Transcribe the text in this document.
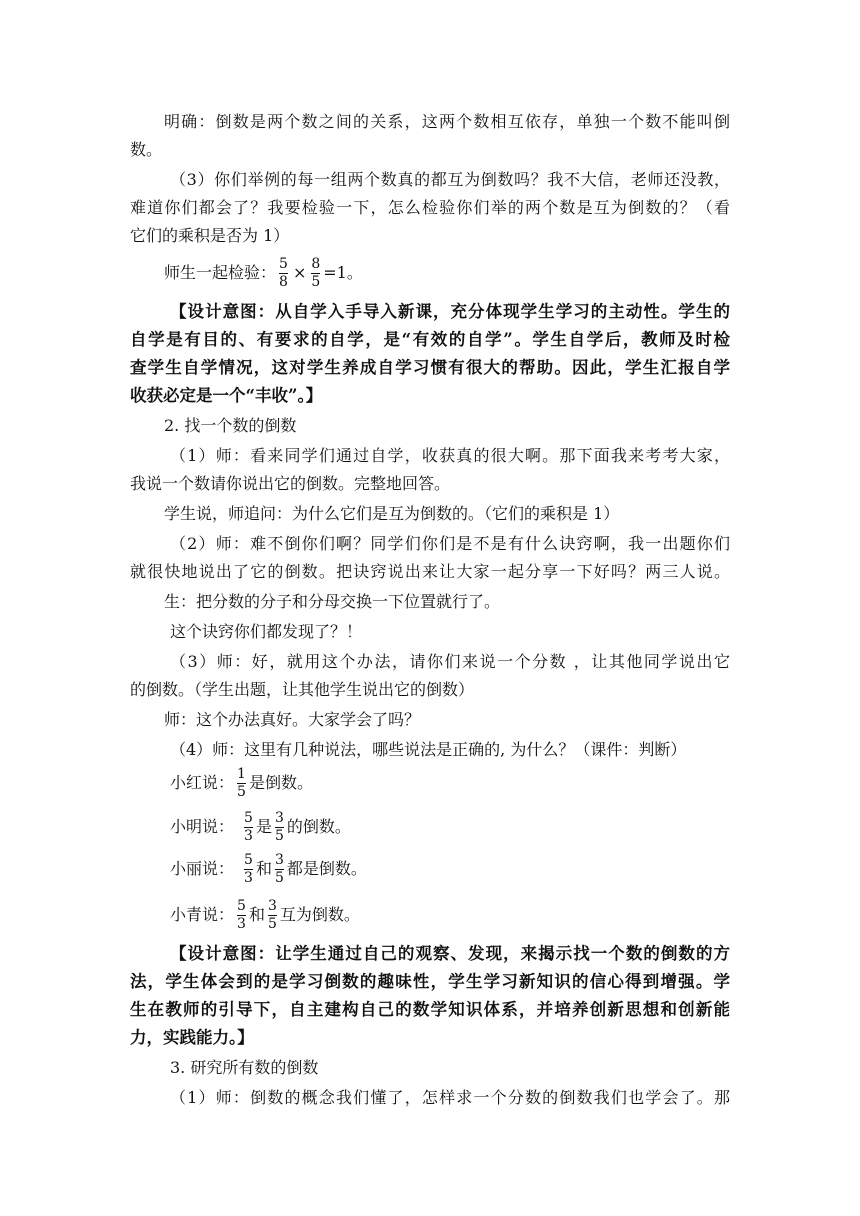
明确：倒数是两个数之间的关系，这两个数相互依存，单独一个数不能叫倒
数。
（3）你们举例的每一组两个数真的都互为倒数吗？我不大信，老师还没教，
难道你们都会了？我要检验一下，怎么检验你们举的两个数是互为倒数的？（看
它们的乘积是否为 1）
师生一起检验： $\frac{5}{8} \times \frac{8}{5} =1$。
【设计意图：从自学入手导入新课，充分体现学生学习的主动性。学生的
自学是有目的、有要求的自学，是“有效的自学”。学生自学后，教师及时检
查学生自学情况，这对学生养成自学习惯有很大的帮助。因此，学生汇报自学
收获必定是一个“丰收”。】
2. 找一个数的倒数
（1）师：看来同学们通过自学，收获真的很大啊。那下面我来考考大家，
我说一个数请你说出它的倒数。完整地回答。
学生说，师追问：为什么它们是互为倒数的。（它们的乘积是 1）
（2）师：难不倒你们啊？同学们你们是不是有什么诀窍啊，我一出题你们
就很快地说出了它的倒数。把诀窍说出来让大家一起分享一下好吗？两三人说。
生：把分数的分子和分母交换一下位置就行了。
这个诀窍你们都发现了？！
（3）师：好，就用这个办法，请你们来说一个分数 ，让其他同学说出它
的倒数。（学生出题，让其他学生说出它的倒数）
师：这个办法真好。大家学会了吗？
（4）师：这里有几种说法，哪些说法是正确的, 为什么？（课件：判断）
小红说： $\frac{1}{5}$ 是倒数。
小明说： $\frac{5}{3}$ 是 $\frac{3}{5}$ 的倒数。
小丽说： $\frac{5}{3}$ 和 $\frac{3}{5}$ 都是倒数。
小青说： $\frac{5}{3}$ 和 $\frac{3}{5}$ 互为倒数。
【设计意图：让学生通过自己的观察、发现，来揭示找一个数的倒数的方
法，学生体会到的是学习倒数的趣味性，学生学习新知识的信心得到增强。学
生在教师的引导下，自主建构自己的数学知识体系，并培养创新思想和创新能
力，实践能力。】
3. 研究所有数的倒数
（1）师：倒数的概念我们懂了，怎样求一个分数的倒数我们也学会了。那
